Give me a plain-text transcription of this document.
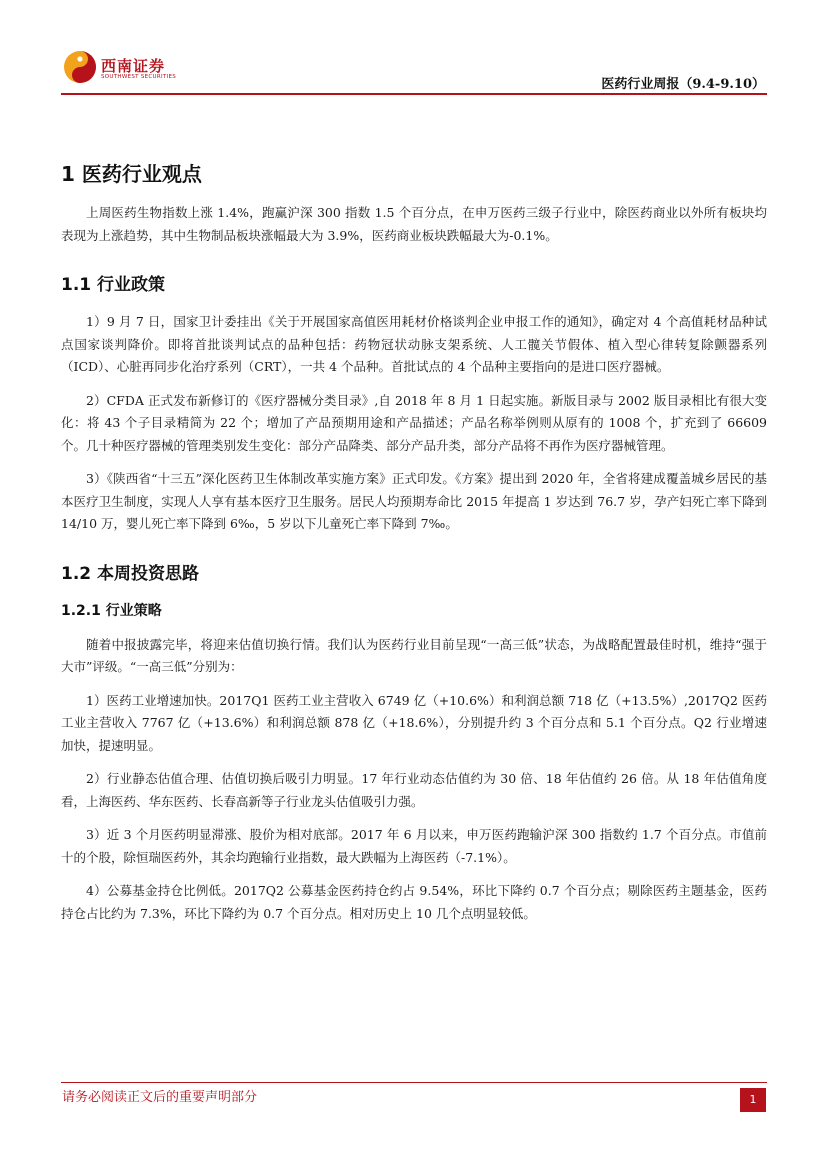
西南证券
SOUTHWEST SECURITIES	医药行业周报（9.4-9.10）
1 医药行业观点

上周医药生物指数上涨 1.4%，跑赢沪深 300 指数 1.5 个百分点，在申万医药三级子行业中，除医药商业以外所有板块均表现为上涨趋势，其中生物制品板块涨幅最大为 3.9%，医药商业板块跌幅最大为-0.1%。

1.1 行业政策

1）9 月 7 日，国家卫计委挂出《关于开展国家高值医用耗材价格谈判企业申报工作的通知》，确定对 4 个高值耗材品种试点国家谈判降价。即将首批谈判试点的品种包括：药物冠状动脉支架系统、人工髋关节假体、植入型心律转复除颤器系列（ICD）、心脏再同步化治疗系列（CRT），一共 4 个品种。首批试点的 4 个品种主要指向的是进口医疗器械。

2）CFDA 正式发布新修订的《医疗器械分类目录》,自 2018 年 8 月 1 日起实施。新版目录与 2002 版目录相比有很大变化：将 43 个子目录精简为 22 个；增加了产品预期用途和产品描述；产品名称举例则从原有的 1008 个，扩充到了 66609 个。几十种医疗器械的管理类别发生变化：部分产品降类、部分产品升类，部分产品将不再作为医疗器械管理。

3）《陕西省“十三五”深化医药卫生体制改革实施方案》正式印发。《方案》提出到 2020 年，全省将建成覆盖城乡居民的基本医疗卫生制度，实现人人享有基本医疗卫生服务。居民人均预期寿命比 2015 年提高 1 岁达到 76.7 岁，孕产妇死亡率下降到 14/10 万，婴儿死亡率下降到 6‰，5 岁以下儿童死亡率下降到 7‰。

1.2 本周投资思路
1.2.1 行业策略

随着中报披露完毕，将迎来估值切换行情。我们认为医药行业目前呈现“一高三低”状态，为战略配置最佳时机，维持“强于大市”评级。“一高三低”分别为：

1）医药工业增速加快。2017Q1 医药工业主营收入 6749 亿（+10.6%）和利润总额 718 亿（+13.5%）,2017Q2 医药工业主营收入 7767 亿（+13.6%）和利润总额 878 亿（+18.6%），分别提升约 3 个百分点和 5.1 个百分点。Q2 行业增速加快，提速明显。

2）行业静态估值合理、估值切换后吸引力明显。17 年行业动态估值约为 30 倍、18 年估值约 26 倍。从 18 年估值角度看，上海医药、华东医药、长春高新等子行业龙头估值吸引力强。

3）近 3 个月医药明显滞涨、股价为相对底部。2017 年 6 月以来，申万医药跑输沪深 300 指数约 1.7 个百分点。市值前十的个股，除恒瑞医药外，其余均跑输行业指数，最大跌幅为上海医药（-7.1%）。

4）公募基金持仓比例低。2017Q2 公募基金医药持仓约占 9.54%，环比下降约 0.7 个百分点；剔除医药主题基金，医药持仓占比约为 7.3%，环比下降约为 0.7 个百分点。相对历史上 10 几个点明显较低。

请务必阅读正文后的重要声明部分	1
